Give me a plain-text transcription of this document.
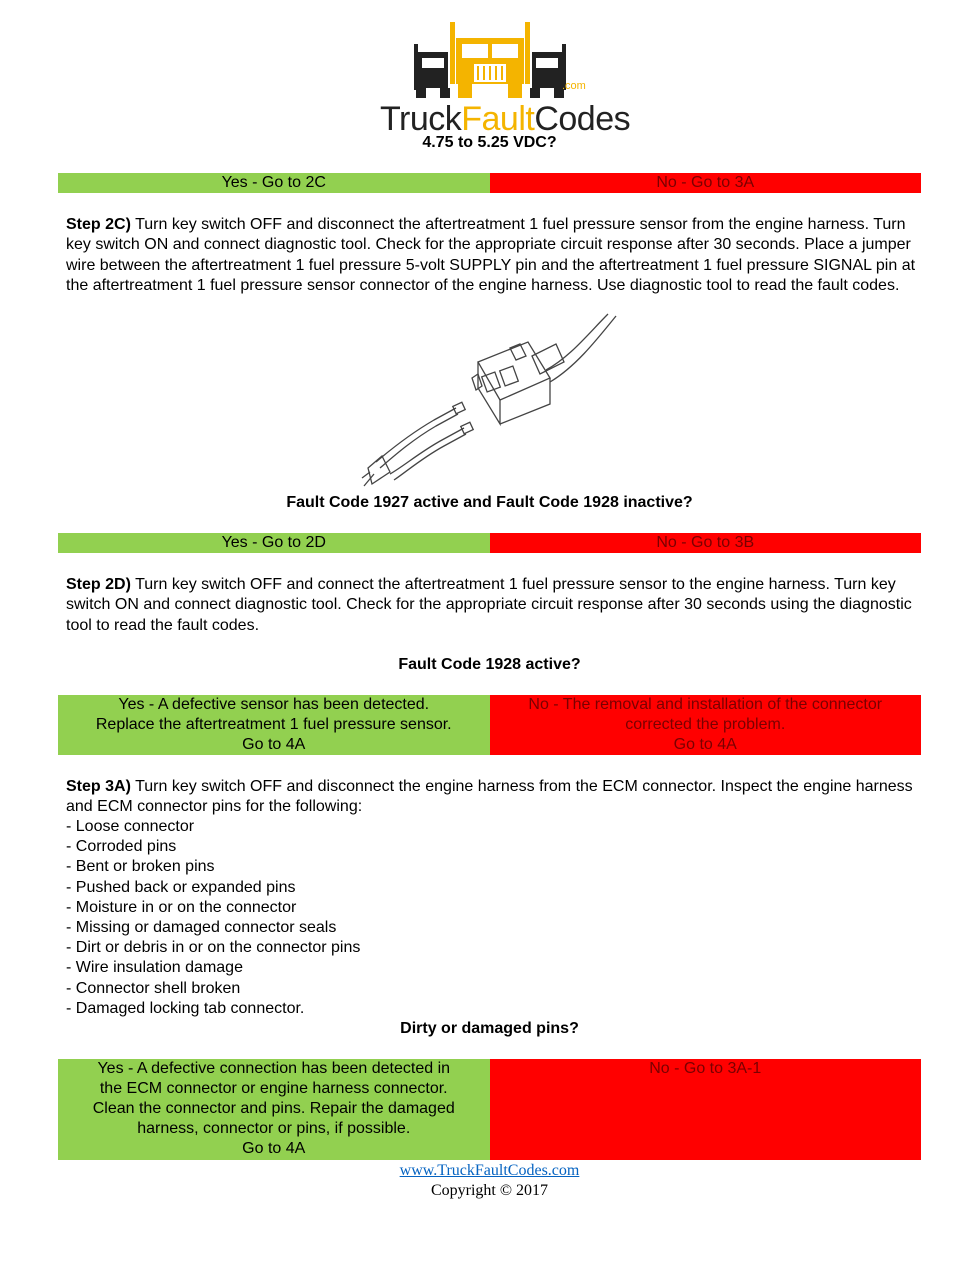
TruckFaultCodes
.com
4.75 to 5.25 VDC?
Yes - Go to 2C	No - Go to 3A
Step 2C) Turn key switch OFF and disconnect the aftertreatment 1 fuel pressure sensor from the engine harness. Turn key switch ON and connect diagnostic tool. Check for the appropriate circuit response after 30 seconds. Place a jumper wire between the aftertreatment 1 fuel pressure 5-volt SUPPLY pin and the aftertreatment 1 fuel pressure SIGNAL pin at the aftertreatment 1 fuel pressure sensor connector of the engine harness. Use diagnostic tool to read the fault codes.
Fault Code 1927 active and Fault Code 1928 inactive?
Yes - Go to 2D	No - Go to 3B
Step 2D) Turn key switch OFF and connect the aftertreatment 1 fuel pressure sensor to the engine harness. Turn key switch ON and connect diagnostic tool. Check for the appropriate circuit response after 30 seconds using the diagnostic tool to read the fault codes.
Fault Code 1928 active?
Yes - A defective sensor has been detected.
Replace the aftertreatment 1 fuel pressure sensor.
Go to 4A
No - The removal and installation of the connector
corrected the problem.
Go to 4A
Step 3A) Turn key switch OFF and disconnect the engine harness from the ECM connector. Inspect the engine harness and ECM connector pins for the following:
- Loose connector
- Corroded pins
- Bent or broken pins
- Pushed back or expanded pins
- Moisture in or on the connector
- Missing or damaged connector seals
- Dirt or debris in or on the connector pins
- Wire insulation damage
- Connector shell broken
- Damaged locking tab connector.
Dirty or damaged pins?
Yes - A defective connection has been detected in
the ECM connector or engine harness connector.
Clean the connector and pins. Repair the damaged
harness, connector or pins, if possible.
Go to 4A
No - Go to 3A-1
www.TruckFaultCodes.com
Copyright © 2017
